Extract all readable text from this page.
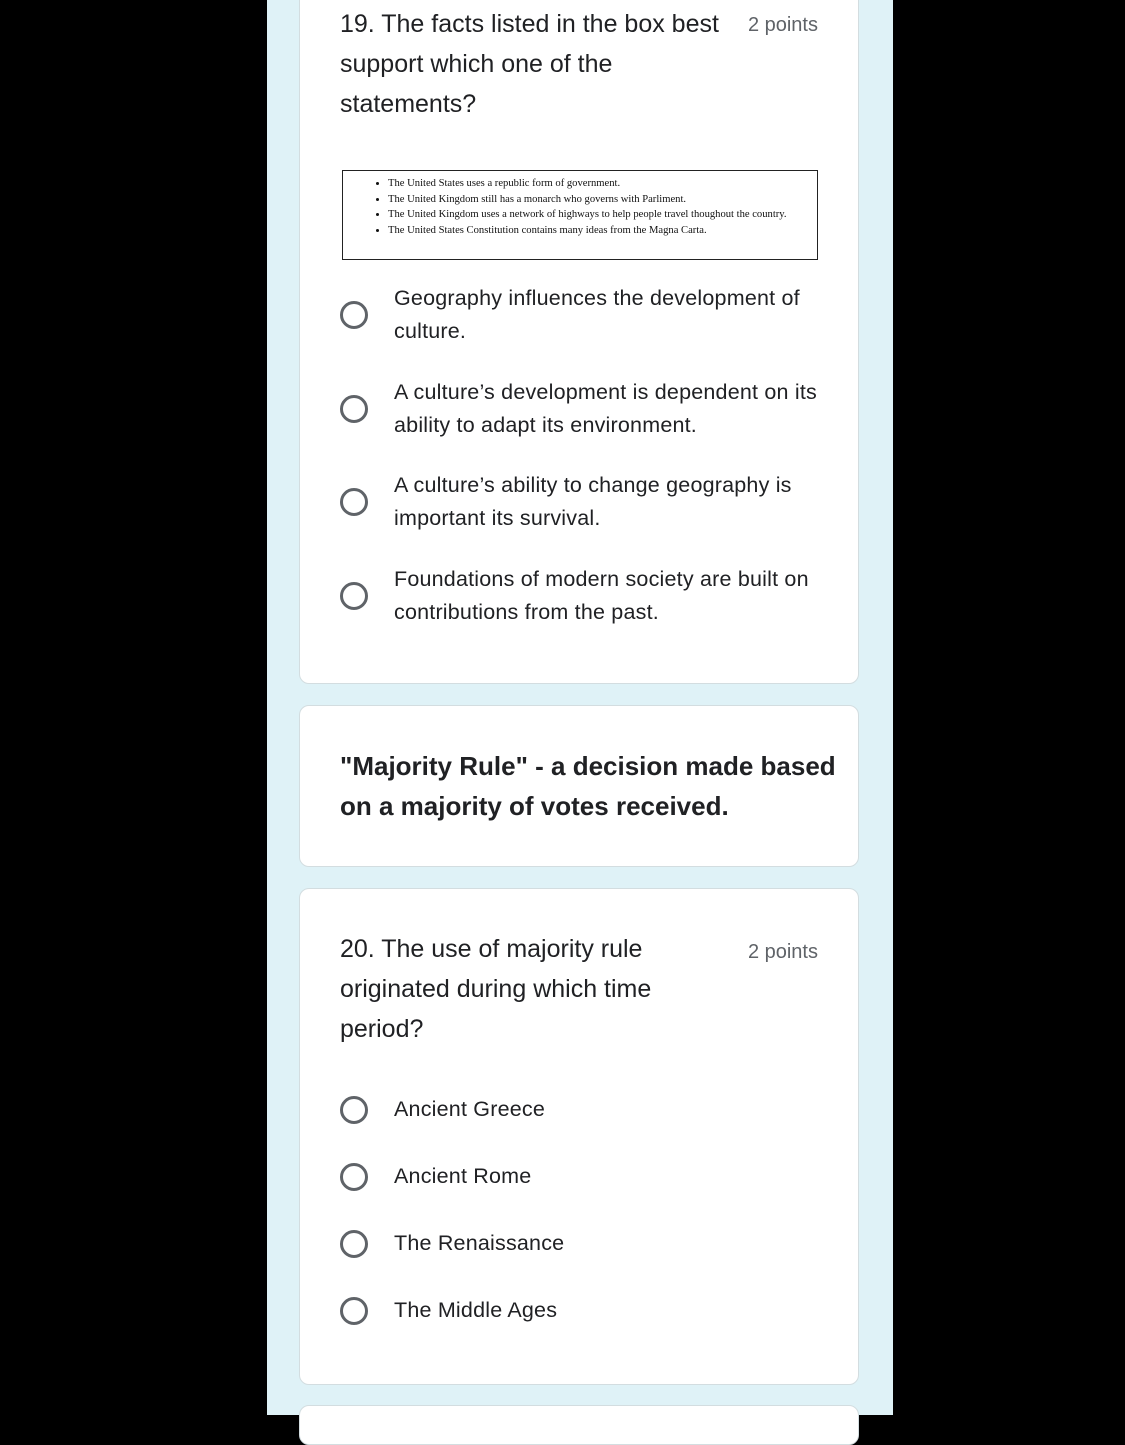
19. The facts listed in the box best support which one of the statements?
2 points
• The United States uses a republic form of government.
• The United Kingdom still has a monarch who governs with Parliment.
• The United Kingdom uses a network of highways to help people travel thoughout the country.
• The United States Constitution contains many ideas from the Magna Carta.
Geography influences the development of culture.
A culture’s development is dependent on its ability to adapt its environment.
A culture’s ability to change geography is important its survival.
Foundations of modern society are built on contributions from the past.
"Majority Rule" - a decision made based on a majority of votes received.
20. The use of majority rule originated during which time period?
2 points
Ancient Greece
Ancient Rome
The Renaissance
The Middle Ages
